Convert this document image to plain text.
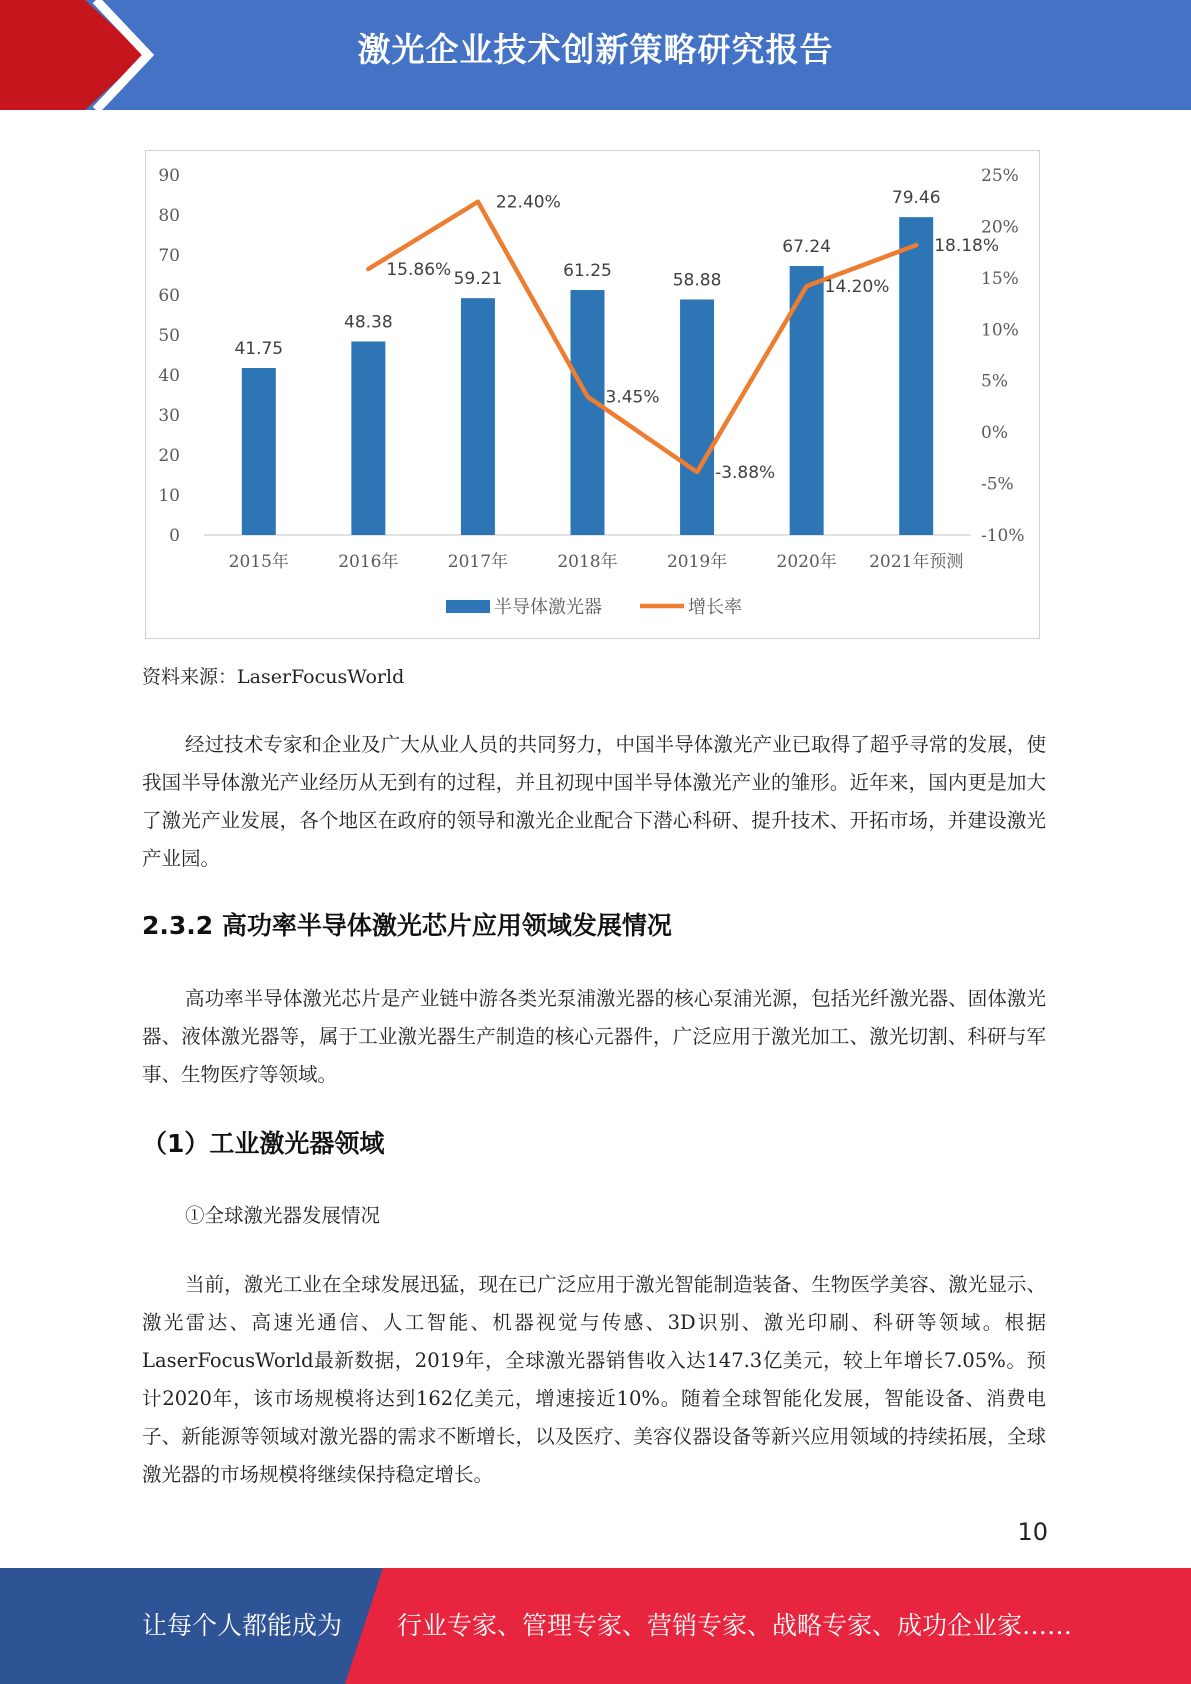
激光企业技术创新策略研究报告
0
10
20
30
40
50
60
70
80
90
-10%
-5%
0%
5%
10%
15%
20%
25%
2015年	2016年	2017年	2018年	2019年	2020年 2021年预测
41.75
48.38
59.21	61.25	58.88
67.24
79.46
15.86%
22.40%
3.45%
-3.88%
14.20%
18.18%
半导体激光器	增长率
资料来源：LaserFocusWorld

经过技术专家和企业及广大从业人员的共同努力，中国半导体激光产业已取得了超乎寻常的发展，使我国半导体激光产业经历从无到有的过程，并且初现中国半导体激光产业的雏形。近年来，国内更是加大了激光产业发展，各个地区在政府的领导和激光企业配合下潜心科研、提升技术、开拓市场，并建设激光产业园。

2.3.2 高功率半导体激光芯片应用领域发展情况

高功率半导体激光芯片是产业链中游各类光泵浦激光器的核心泵浦光源，包括光纤激光器、固体激光器、液体激光器等，属于工业激光器生产制造的核心元器件，广泛应用于激光加工、激光切割、科研与军事、生物医疗等领域。

（1）工业激光器领域

①全球激光器发展情况

当前，激光工业在全球发展迅猛，现在已广泛应用于激光智能制造装备、生物医学美容、激光显示、激光雷达、高速光通信、人工智能、机器视觉与传感、3D识别、激光印刷、科研等领域。根据LaserFocusWorld最新数据，2019年，全球激光器销售收入达147.3亿美元，较上年增长7.05%。预计2020年，该市场规模将达到162亿美元，增速接近10%。随着全球智能化发展，智能设备、消费电子、新能源等领域对激光器的需求不断增长，以及医疗、美容仪器设备等新兴应用领域的持续拓展，全球激光器的市场规模将继续保持稳定增长。

10
让每个人都能成为 行业专家、管理专家、营销专家、战略专家、成功企业家……
